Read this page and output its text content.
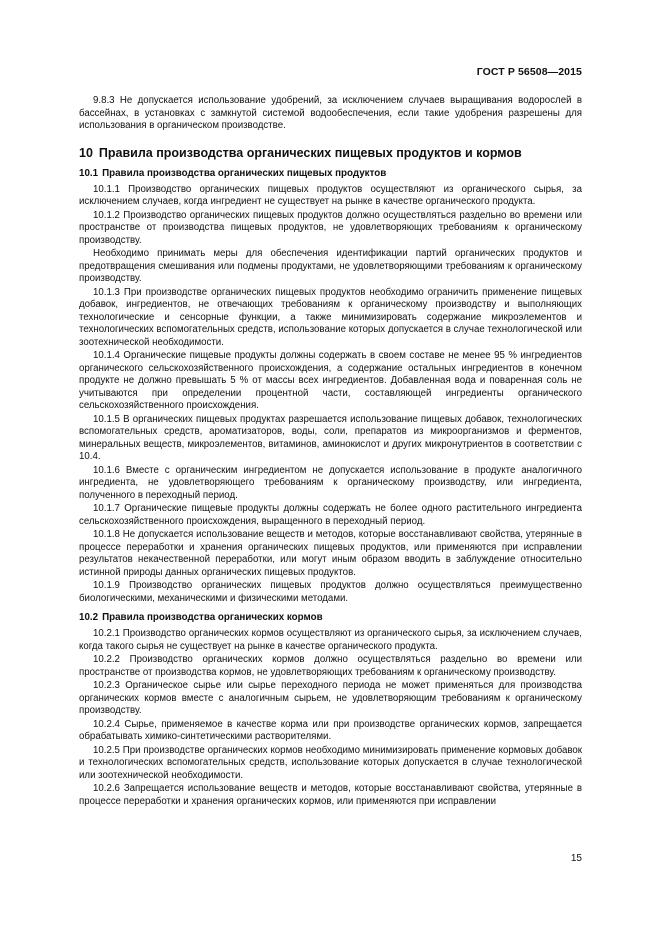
ГОСТ Р 56508—2015

9.8.3 Не допускается использование удобрений, за исключением случаев выращивания водорослей в бассейнах, в установках с замкнутой системой водообеспечения, если такие удобрения разрешены для использования в органическом производстве.

10 Правила производства органических пищевых продуктов и кормов
10.1 Правила производства органических пищевых продуктов

10.1.1 Производство органических пищевых продуктов осуществляют из органического сырья, за исключением случаев, когда ингредиент не существует на рынке в качестве органического продукта.

10.1.2 Производство органических пищевых продуктов должно осуществляться раздельно во времени или пространстве от производства пищевых продуктов, не удовлетворяющих требованиям к органическому производству.

Необходимо принимать меры для обеспечения идентификации партий органических продуктов и предотвращения смешивания или подмены продуктами, не удовлетворяющими требованиям к органическому производству.

10.1.3 При производстве органических пищевых продуктов необходимо ограничить применение пищевых добавок, ингредиентов, не отвечающих требованиям к органическому производству и выполняющих технологические и сенсорные функции, а также минимизировать содержание микроэлементов и технологических вспомогательных средств, использование которых допускается в случае технологической или зоотехнической необходимости.

10.1.4 Органические пищевые продукты должны содержать в своем составе не менее 95 % ингредиентов органического сельскохозяйственного происхождения, а содержание остальных ингредиентов в конечном продукте не должно превышать 5 % от массы всех ингредиентов. Добавленная вода и поваренная соль не учитываются при определении процентной части, составляющей ингредиенты органического сельскохозяйственного происхождения.

10.1.5 В органических пищевых продуктах разрешается использование пищевых добавок, технологических вспомогательных средств, ароматизаторов, воды, соли, препаратов из микроорганизмов и ферментов, минеральных веществ, микроэлементов, витаминов, аминокислот и других микронутриентов в соответствии с 10.4.

10.1.6 Вместе с органическим ингредиентом не допускается использование в продукте аналогичного ингредиента, не удовлетворяющего требованиям к органическому производству, или ингредиента, полученного в переходный период.

10.1.7 Органические пищевые продукты должны содержать не более одного растительного ингредиента сельскохозяйственного происхождения, выращенного в переходный период.

10.1.8 Не допускается использование веществ и методов, которые восстанавливают свойства, утерянные в процессе переработки и хранения органических пищевых продуктов, или применяются при исправлении результатов некачественной переработки, или могут иным образом вводить в заблуждение относительно истинной природы данных органических пищевых продуктов.

10.1.9 Производство органических пищевых продуктов должно осуществляться преимущественно биологическими, механическими и физическими методами.

10.2 Правила производства органических кормов

10.2.1 Производство органических кормов осуществляют из органического сырья, за исключением случаев, когда такого сырья не существует на рынке в качестве органического продукта.

10.2.2 Производство органических кормов должно осуществляться раздельно во времени или пространстве от производства кормов, не удовлетворяющих требованиям к органическому производству.

10.2.3 Органическое сырье или сырье переходного периода не может применяться для производства органических кормов вместе с аналогичным сырьем, не удовлетворяющим требованиям к органическому производству.

10.2.4 Сырье, применяемое в качестве корма или при производстве органических кормов, запрещается обрабатывать химико-синтетическими растворителями.

10.2.5 При производстве органических кормов необходимо минимизировать применение кормовых добавок и технологических вспомогательных средств, использование которых допускается в случае технологической или зоотехнической необходимости.

10.2.6 Запрещается использование веществ и методов, которые восстанавливают свойства, утерянные в процессе переработки и хранения органических кормов, или применяются при исправлении

15
